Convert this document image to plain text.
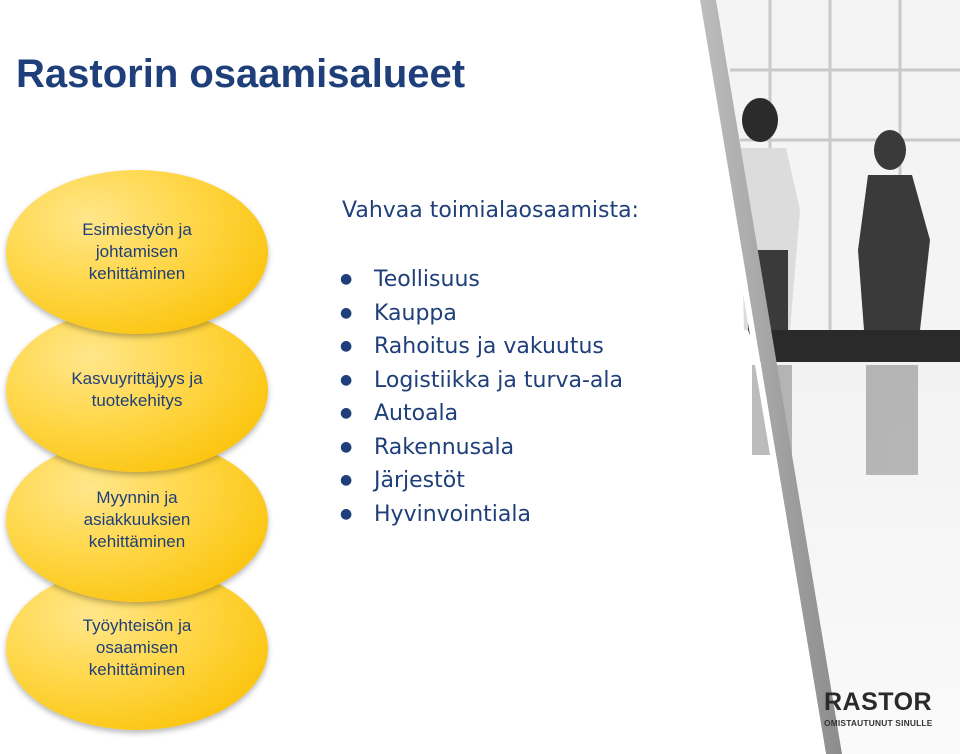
Rastorin osaamisalueet
Esimiestyön ja
johtamisen
kehittäminen
Kasvuyrittäjyys ja
tuotekehitys
Myynnin ja
asiakkuuksien
kehittäminen
Työyhteisön ja
osaamisen
kehittäminen
Vahvaa toimialaosaamista:
● Teollisuus
● Kauppa
● Rahoitus ja vakuutus
● Logistiikka ja turva-ala
● Autoala
● Rakennusala
● Järjestöt
● Hyvinvointiala
RASTOR
OMISTAUTUNUT SINULLE
